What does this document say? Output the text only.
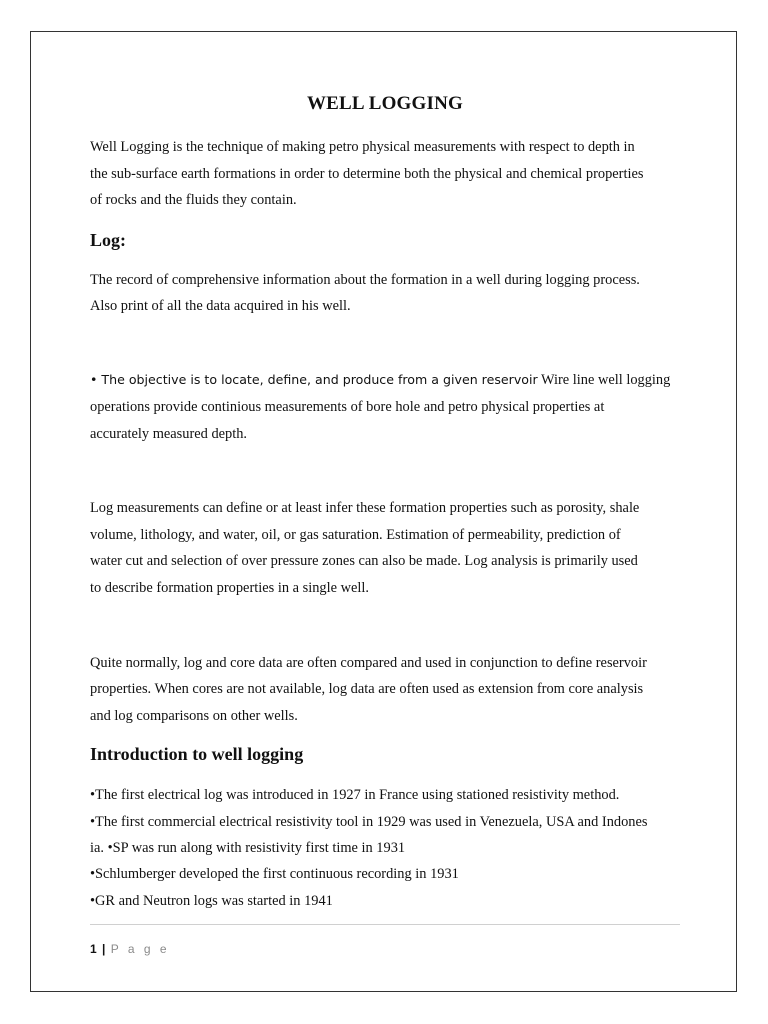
WELL LOGGING
Well Logging is the technique of making petro physical measurements with respect to depth in
the sub-surface earth formations in order to determine both the physical and chemical properties
of rocks and the fluids they contain.
Log:
The record of comprehensive information about the formation in a well during logging process.
Also print of all the data acquired in his well.
• The objective is to locate, define, and produce from a given reservoir Wire line well logging
operations provide continious measurements of bore hole and petro physical properties at
accurately measured depth.
Log measurements can define or at least infer these formation properties such as porosity, shale
volume, lithology, and water, oil, or gas saturation. Estimation of permeability, prediction of
water cut and selection of over pressure zones can also be made. Log analysis is primarily used
to describe formation properties in a single well.
Quite normally, log and core data are often compared and used in conjunction to define reservoir
properties. When cores are not available, log data are often used as extension from core analysis
and log comparisons on other wells.
Introduction to well logging
•The first electrical log was introduced in 1927 in France using stationed resistivity method.
•The first commercial electrical resistivity tool in 1929 was used in Venezuela, USA and Indones
ia. •SP was run along with resistivity first time in 1931
•Schlumberger developed the first continuous recording in 1931
•GR and Neutron logs was started in 1941
1 | P a g e
